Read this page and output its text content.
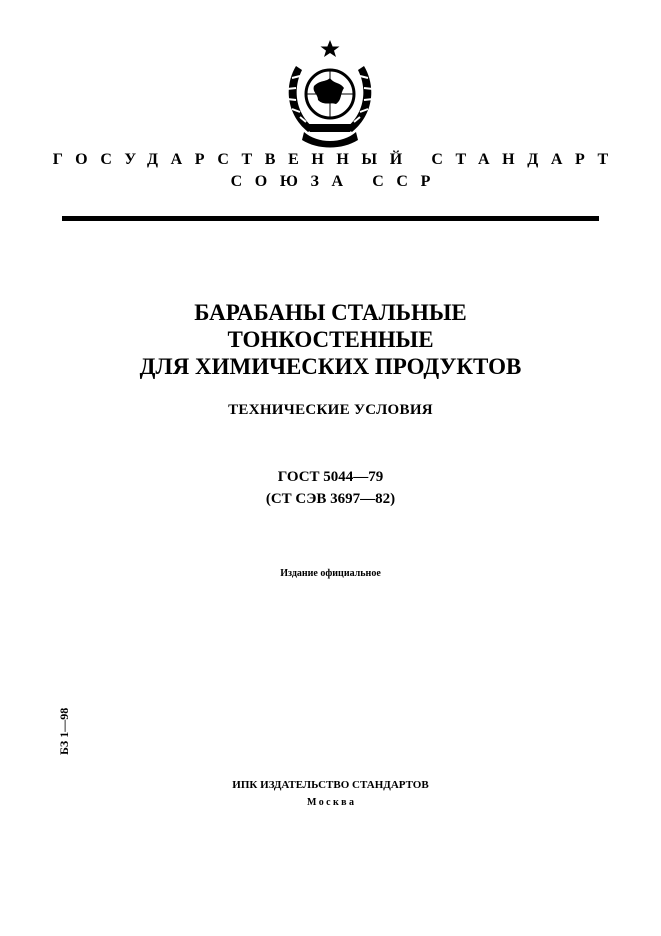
ГОСУДАРСТВЕННЫЙ СТАНДАРТ
СОЮЗА ССР
БАРАБАНЫ СТАЛЬНЫЕ
ТОНКОСТЕННЫЕ
ДЛЯ ХИМИЧЕСКИХ ПРОДУКТОВ
ТЕХНИЧЕСКИЕ УСЛОВИЯ
ГОСТ 5044—79
(СТ СЭВ 3697—82)
Издание официальное
БЗ 1—98
ИПК ИЗДАТЕЛЬСТВО СТАНДАРТОВ
Москва
